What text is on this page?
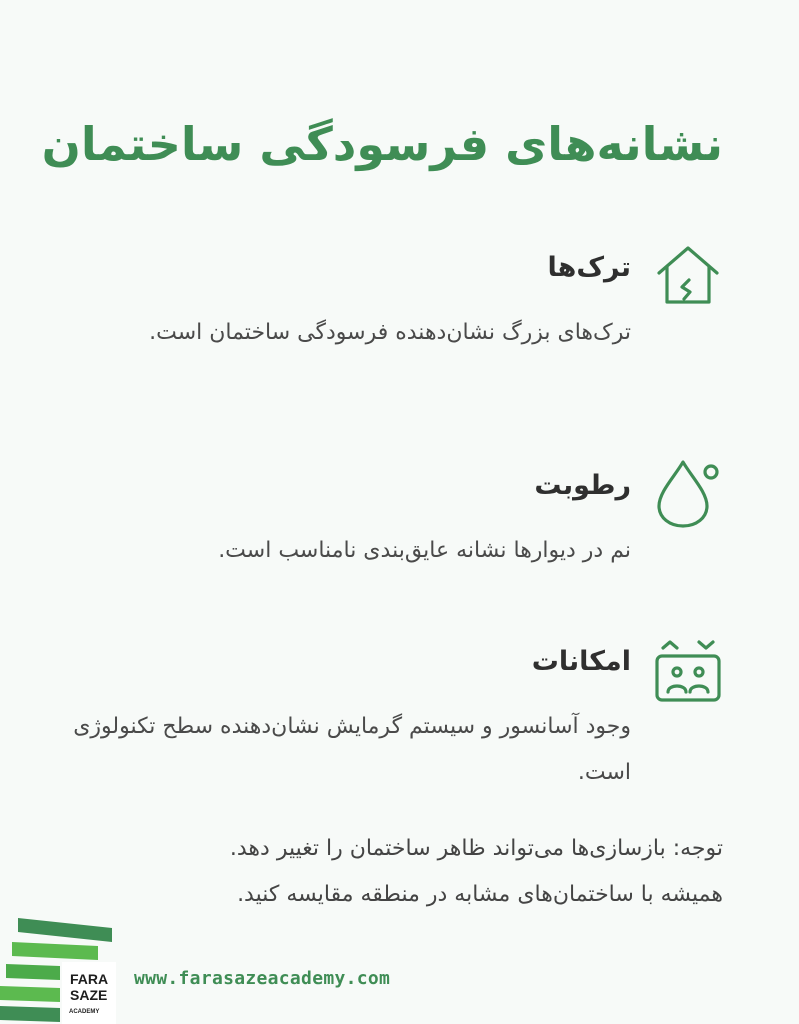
نشانه‌های فرسودگی ساختمان
ترک‌ها
ترک‌های بزرگ نشان‌دهنده فرسودگی ساختمان است.
رطوبت
نم در دیوارها نشانه عایق‌بندی نامناسب است.
امکانات
وجود آسانسور و سیستم گرمایش نشان‌دهنده سطح تکنولوژی است.
توجه: بازسازی‌ها می‌تواند ظاهر ساختمان را تغییر دهد.
همیشه با ساختمان‌های مشابه در منطقه مقایسه کنید.
FARA
SAZE
ACADEMY
www.farasazeacademy.com
